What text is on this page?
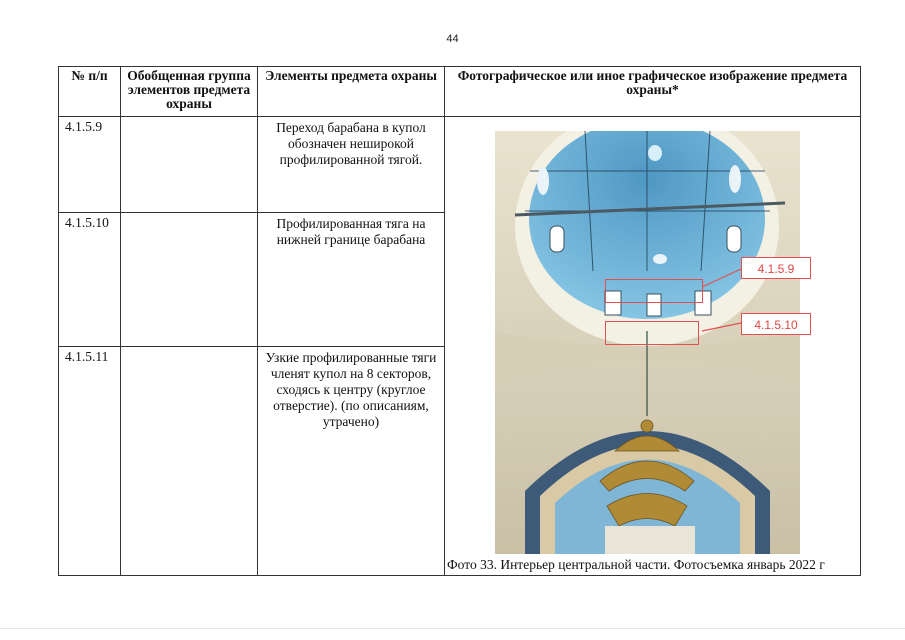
44
№ п/п	Обобщенная группа элементов предмета охраны	Элементы предмета охраны	Фотографическое или иное графическое изображение предмета охраны*
4.1.5.9		Переход барабана в купол обозначен неширокой профилированной тягой.	4.1.5.9
4.1.5.10
Фото 33. Интерьер центральной части. Фотосъемка январь 2022 г

4.1.5.10		Профилированная тяга на нижней границе барабана	
4.1.5.11		Узкие профилированные тяги членят купол на 8 секторов, сходясь к центру (круглое отверстие). (по описаниям, утрачено)	
